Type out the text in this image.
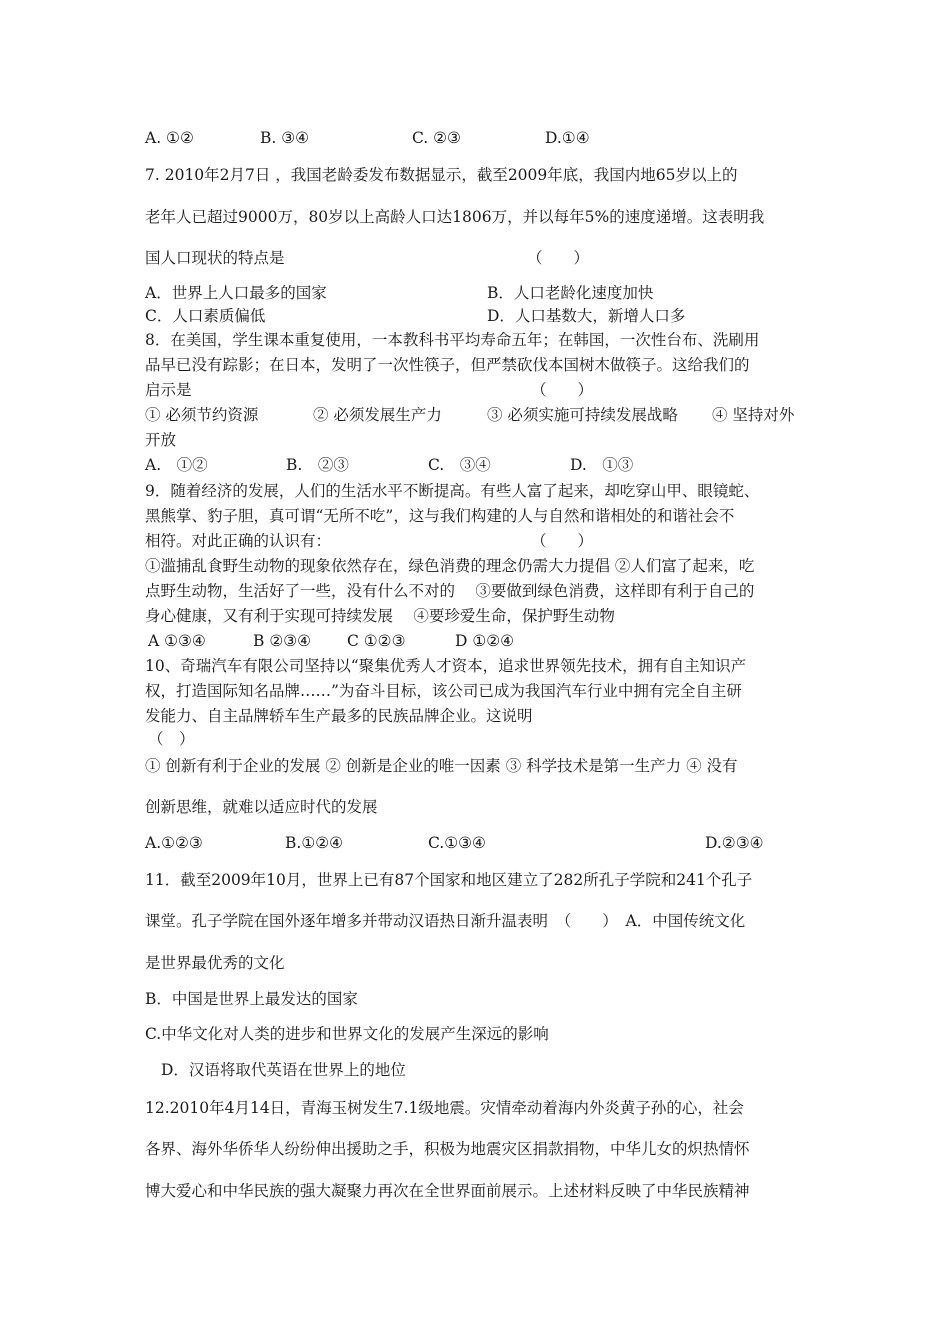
A. ①②	B. ③④	C. ②③	D.①④
7. 2010年2月7日 ，我国老龄委发布数据显示，截至2009年底，我国内地65岁以上的
老年人已超过9000万，80岁以上高龄人口达1806万，并以每年5%的速度递增。这表明我
国人口现状的特点是	（　　）
A．世界上人口最多的国家	B．人口老龄化速度加快
C．人口素质偏低	D．人口基数大，新增人口多
8．在美国，学生课本重复使用，一本教科书平均寿命五年；在韩国，一次性台布、洗刷用
品早已没有踪影；在日本，发明了一次性筷子，但严禁砍伐本国树木做筷子。这给我们的
启示是	（　　）
① 必须节约资源	② 必须发展生产力	③ 必须实施可持续发展战略 ④ 坚持对外
开放
A.　①②	B.　②③	C.　③④	D.　①③
9．随着经济的发展，人们的生活水平不断提高。有些人富了起来，却吃穿山甲、眼镜蛇、
黑熊掌、豹子胆，真可谓“无所不吃”，这与我们构建的人与自然和谐相处的和谐社会不
相符。对此正确的认识有：	（　　）
①滥捕乱食野生动物的现象依然存在，绿色消费的理念仍需大力提倡 ②人们富了起来，吃
点野生动物，生活好了一些，没有什么不对的　 ③要做到绿色消费，这样即有利于自己的
身心健康，又有利于实现可持续发展　 ④要珍爱生命，保护野生动物
A ①③④	B ②③④ C ①②③	D ①②④
10、奇瑞汽车有限公司坚持以“聚集优秀人才资本，追求世界领先技术，拥有自主知识产
权，打造国际知名品牌……”为奋斗目标，该公司已成为我国汽车行业中拥有完全自主研
发能力、自主品牌轿车生产最多的民族品牌企业。这说明
（　）
① 创新有利于企业的发展 ② 创新是企业的唯一因素 ③ 科学技术是第一生产力 ④ 没有
创新思维，就难以适应时代的发展
A.①②③	B.①②④	C.①③④	D.②③④
11．截至2009年10月，世界上已有87个国家和地区建立了282所孔子学院和241个孔子
课堂。孔子学院在国外逐年增多并带动汉语热日渐升温表明　（　　）　A．中国传统文化
是世界最优秀的文化
B．中国是世界上最发达的国家
C.中华文化对人类的进步和世界文化的发展产生深远的影响
D．汉语将取代英语在世界上的地位
12.2010年4月14日，青海玉树发生7.1级地震。灾情牵动着海内外炎黄子孙的心，社会
各界、海外华侨华人纷纷伸出援助之手，积极为地震灾区捐款捐物，中华儿女的炽热情怀
博大爱心和中华民族的强大凝聚力再次在全世界面前展示。上述材料反映了中华民族精神
